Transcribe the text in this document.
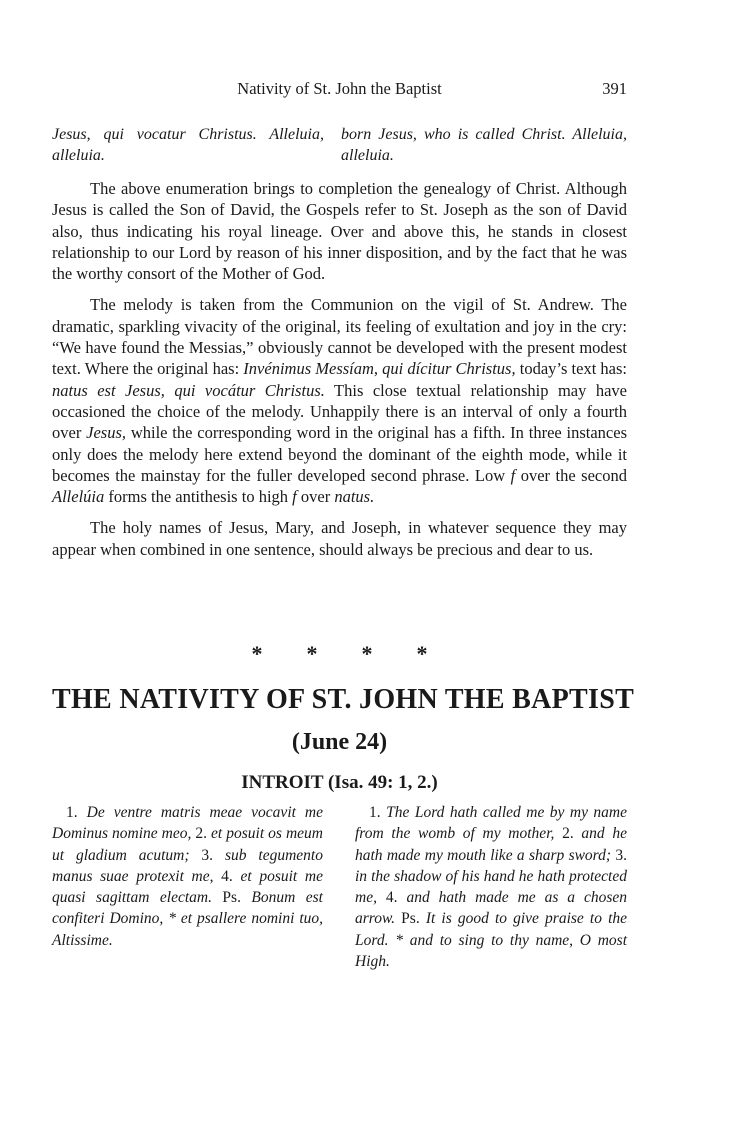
Nativity of St. John the Baptist	391
Jesus, qui vocatur Christus. Alleluia, alleluia.
born Jesus, who is called Christ. Alleluia, alleluia.

The above enumeration brings to completion the genealogy of Christ. Although Jesus is called the Son of David, the Gospels refer to St. Joseph as the son of David also, thus indicating his royal lineage. Over and above this, he stands in closest relationship to our Lord by reason of his inner disposition, and by the fact that he was the worthy consort of the Mother of God.

The melody is taken from the Communion on the vigil of St. Andrew. The dramatic, sparkling vivacity of the original, its feeling of exultation and joy in the cry: “We have found the Messias,” obviously cannot be developed with the present modest text. Where the original has: Invénimus Messíam, qui dícitur Christus, today’s text has: natus est Jesus, qui vocátur Christus. This close textual relationship may have occasioned the choice of the melody. Unhappily there is an interval of only a fourth over Jesus, while the corresponding word in the original has a fifth. In three instances only does the melody here extend beyond the dominant of the eighth mode, while it becomes the mainstay for the fuller developed second phrase. Low f over the second Allelúia forms the antithesis to high f over natus.

The holy names of Jesus, Mary, and Joseph, in whatever sequence they may appear when combined in one sentence, should always be precious and dear to us.

* * * *
THE NATIVITY OF ST. JOHN THE BAPTIST
(June 24)
INTROIT (Isa. 49: 1, 2.)

1. De ventre matris meae vocavit me Dominus nomine meo, 2. et posuit os meum ut gladium acutum; 3. sub tegumento manus suae protexit me, 4. et posuit me quasi sagittam electam. Ps. Bonum est confiteri Domino, * et psallere nomini tuo, Altissime.

1. The Lord hath called me by my name from the womb of my mother, 2. and he hath made my mouth like a sharp sword; 3. in the shadow of his hand he hath protected me, 4. and hath made me as a chosen arrow. Ps. It is good to give praise to the Lord. * and to sing to thy name, O most High.
